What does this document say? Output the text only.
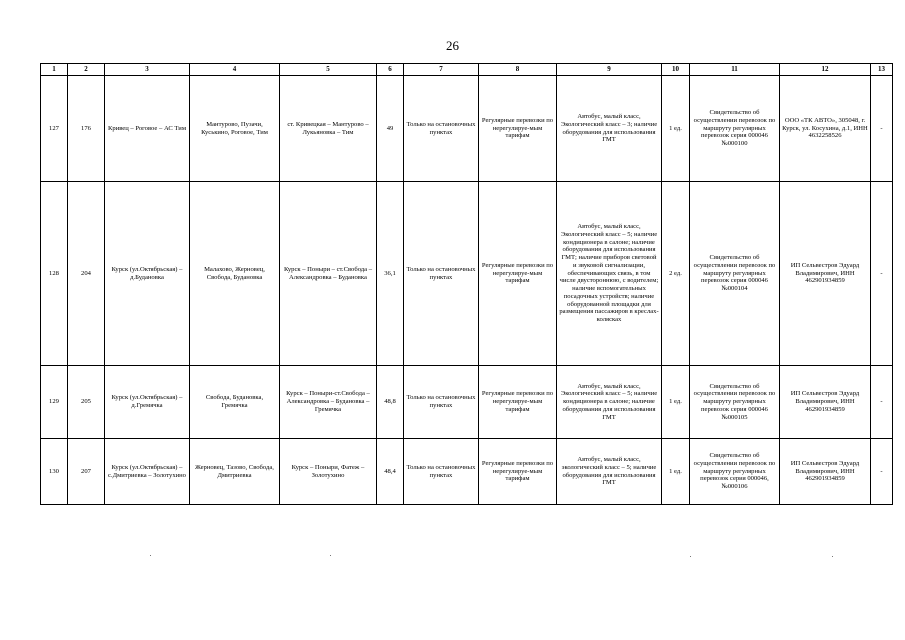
26
1	2	3	4	5	6	7	8	9	10	11	12	13
127	176	Кривец – Роговое – АС Тим	Мантурово, Пузачи, Куськино, Роговое, Тим	ст. Кривецкая – Мантурово – Лукьяновка – Тим	49	Только на остановочных пунктах	Регулярные перевозки по нерегулируе-мым тарифам	Автобус, малый класс, Экологический класс – 3; наличие оборудования для использования ГМТ	1 ед.	Свидетельство об осуществлении перевозок по маршруту регулярных перевозок серия 000046 №000100	ООО «ТК АВТО», 305048, г. Курск, ул. Косухина, д.1, ИНН 4632258526	-
128	204	Курск (ул.Октябрьская) – д.Будановка	Малахово, Жерновец, Свобода, Будановка	Курск – Поныри – ст.Свобода – Александровка – Будановка	36,1	Только на остановочных пунктах	Регулярные перевозки по нерегулируе-мым тарифам	Автобус, малый класс, Экологический класс – 5; наличие кондиционера в салоне; наличие оборудования для использования ГМТ; наличие приборов световой и звуковой сигнализации, обеспечивающих связь, в том числе двустороннюю, с водителем; наличие вспомогательных посадочных устройств; наличие оборудованной площадки для размещения пассажиров в креслах-колясках	2 ед.	Свидетельство об осуществлении перевозок по маршруту регулярных перевозок серия 000046 №000104	ИП Сельвестров Эдуард Владимирович, ИНН 462901934859	-
129	205	Курск (ул.Октябрьская) – д.Гремячка	Свобода, Будановка, Гремячка	Курск – Поныри-ст.Свобода – Александровка – Будановка – Гремячка	48,8	Только на остановочных пунктах	Регулярные перевозки по нерегулируе-мым тарифам	Автобус, малый класс, Экологический класс – 5; наличие кондиционера в салоне; наличие оборудования для использования ГМТ	1 ед.	Свидетельство об осуществлении перевозок по маршруту регулярных перевозок серия 000046 №000105	ИП Сельвестров Эдуард Владимирович, ИНН 462901934859	-
130	207	Курск (ул.Октябрьская) – с.Дмитриевка – Золотухино	Жерновец, Тазово, Свобода, Дмитриевка	Курск – Поныри, Фатеж – Золотухино	48,4	Только на остановочных пунктах	Регулярные перевозки по нерегулируе-мым тарифам	Автобус, малый класс, экологический класс – 5; наличие оборудования для использования ГМТ	1 ед.	Свидетельство об осуществлении перевозок по маршруту регулярных перевозок серия 000046, №000106	ИП Сельвестров Эдуард Владимирович, ИНН 462901934859	-
